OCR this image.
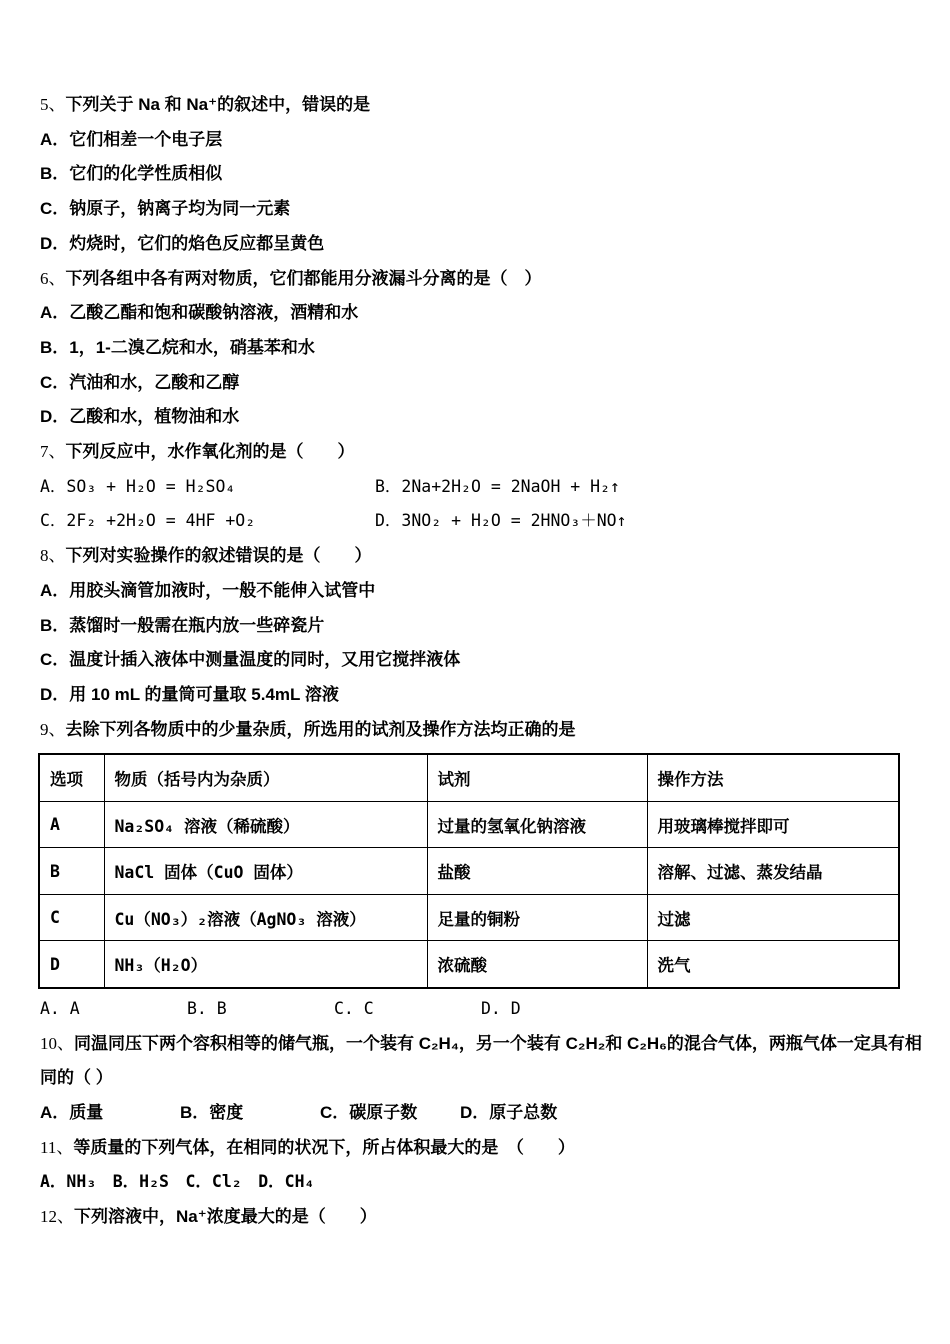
5、下列关于 Na 和 Na⁺的叙述中，错误的是
A．它们相差一个电子层
B．它们的化学性质相似
C．钠原子，钠离子均为同一元素
D．灼烧时，它们的焰色反应都呈黄色
6、下列各组中各有两对物质，它们都能用分液漏斗分离的是（　）
A．乙酸乙酯和饱和碳酸钠溶液，酒精和水
B．1，1-二溴乙烷和水，硝基苯和水
C．汽油和水，乙酸和乙醇
D．乙酸和水，植物油和水
7、下列反应中，水作氧化剂的是（　　）
A．SO₃ + H₂O = H₂SO₄	B．2Na+2H₂O = 2NaOH + H₂↑
C．2F₂ +2H₂O = 4HF +O₂	D．3NO₂ + H₂O = 2HNO₃＋NO↑
8、下列对实验操作的叙述错误的是（　　）
A．用胶头滴管加液时，一般不能伸入试管中
B．蒸馏时一般需在瓶内放一些碎瓷片
C．温度计插入液体中测量温度的同时，又用它搅拌液体
D．用 10 mL 的量筒可量取 5.4mL 溶液
9、去除下列各物质中的少量杂质，所选用的试剂及操作方法均正确的是
选项	物质（括号内为杂质）	试剂	操作方法
A	Na₂SO₄ 溶液（稀硫酸）	过量的氢氧化钠溶液	用玻璃棒搅拌即可
B	NaCl 固体（CuO 固体）	盐酸	溶解、过滤、蒸发结晶
C	Cu（NO₃）₂溶液（AgNO₃ 溶液）	足量的铜粉	过滤
D	NH₃（H₂O）	浓硫酸	洗气
A. A	B. B	C. C	D. D
10、同温同压下两个容积相等的储气瓶，一个装有 C₂H₄，另一个装有 C₂H₂和 C₂H₆的混合气体，两瓶气体一定具有相
同的（ ）
A．质量	B．密度	C．碳原子数	D．原子总数
11、等质量的下列气体，在相同的状况下，所占体积最大的是　（　　）
A．NH₃　B．H₂S　C．Cl₂　D．CH₄
12、下列溶液中，Na⁺浓度最大的是（　　）
